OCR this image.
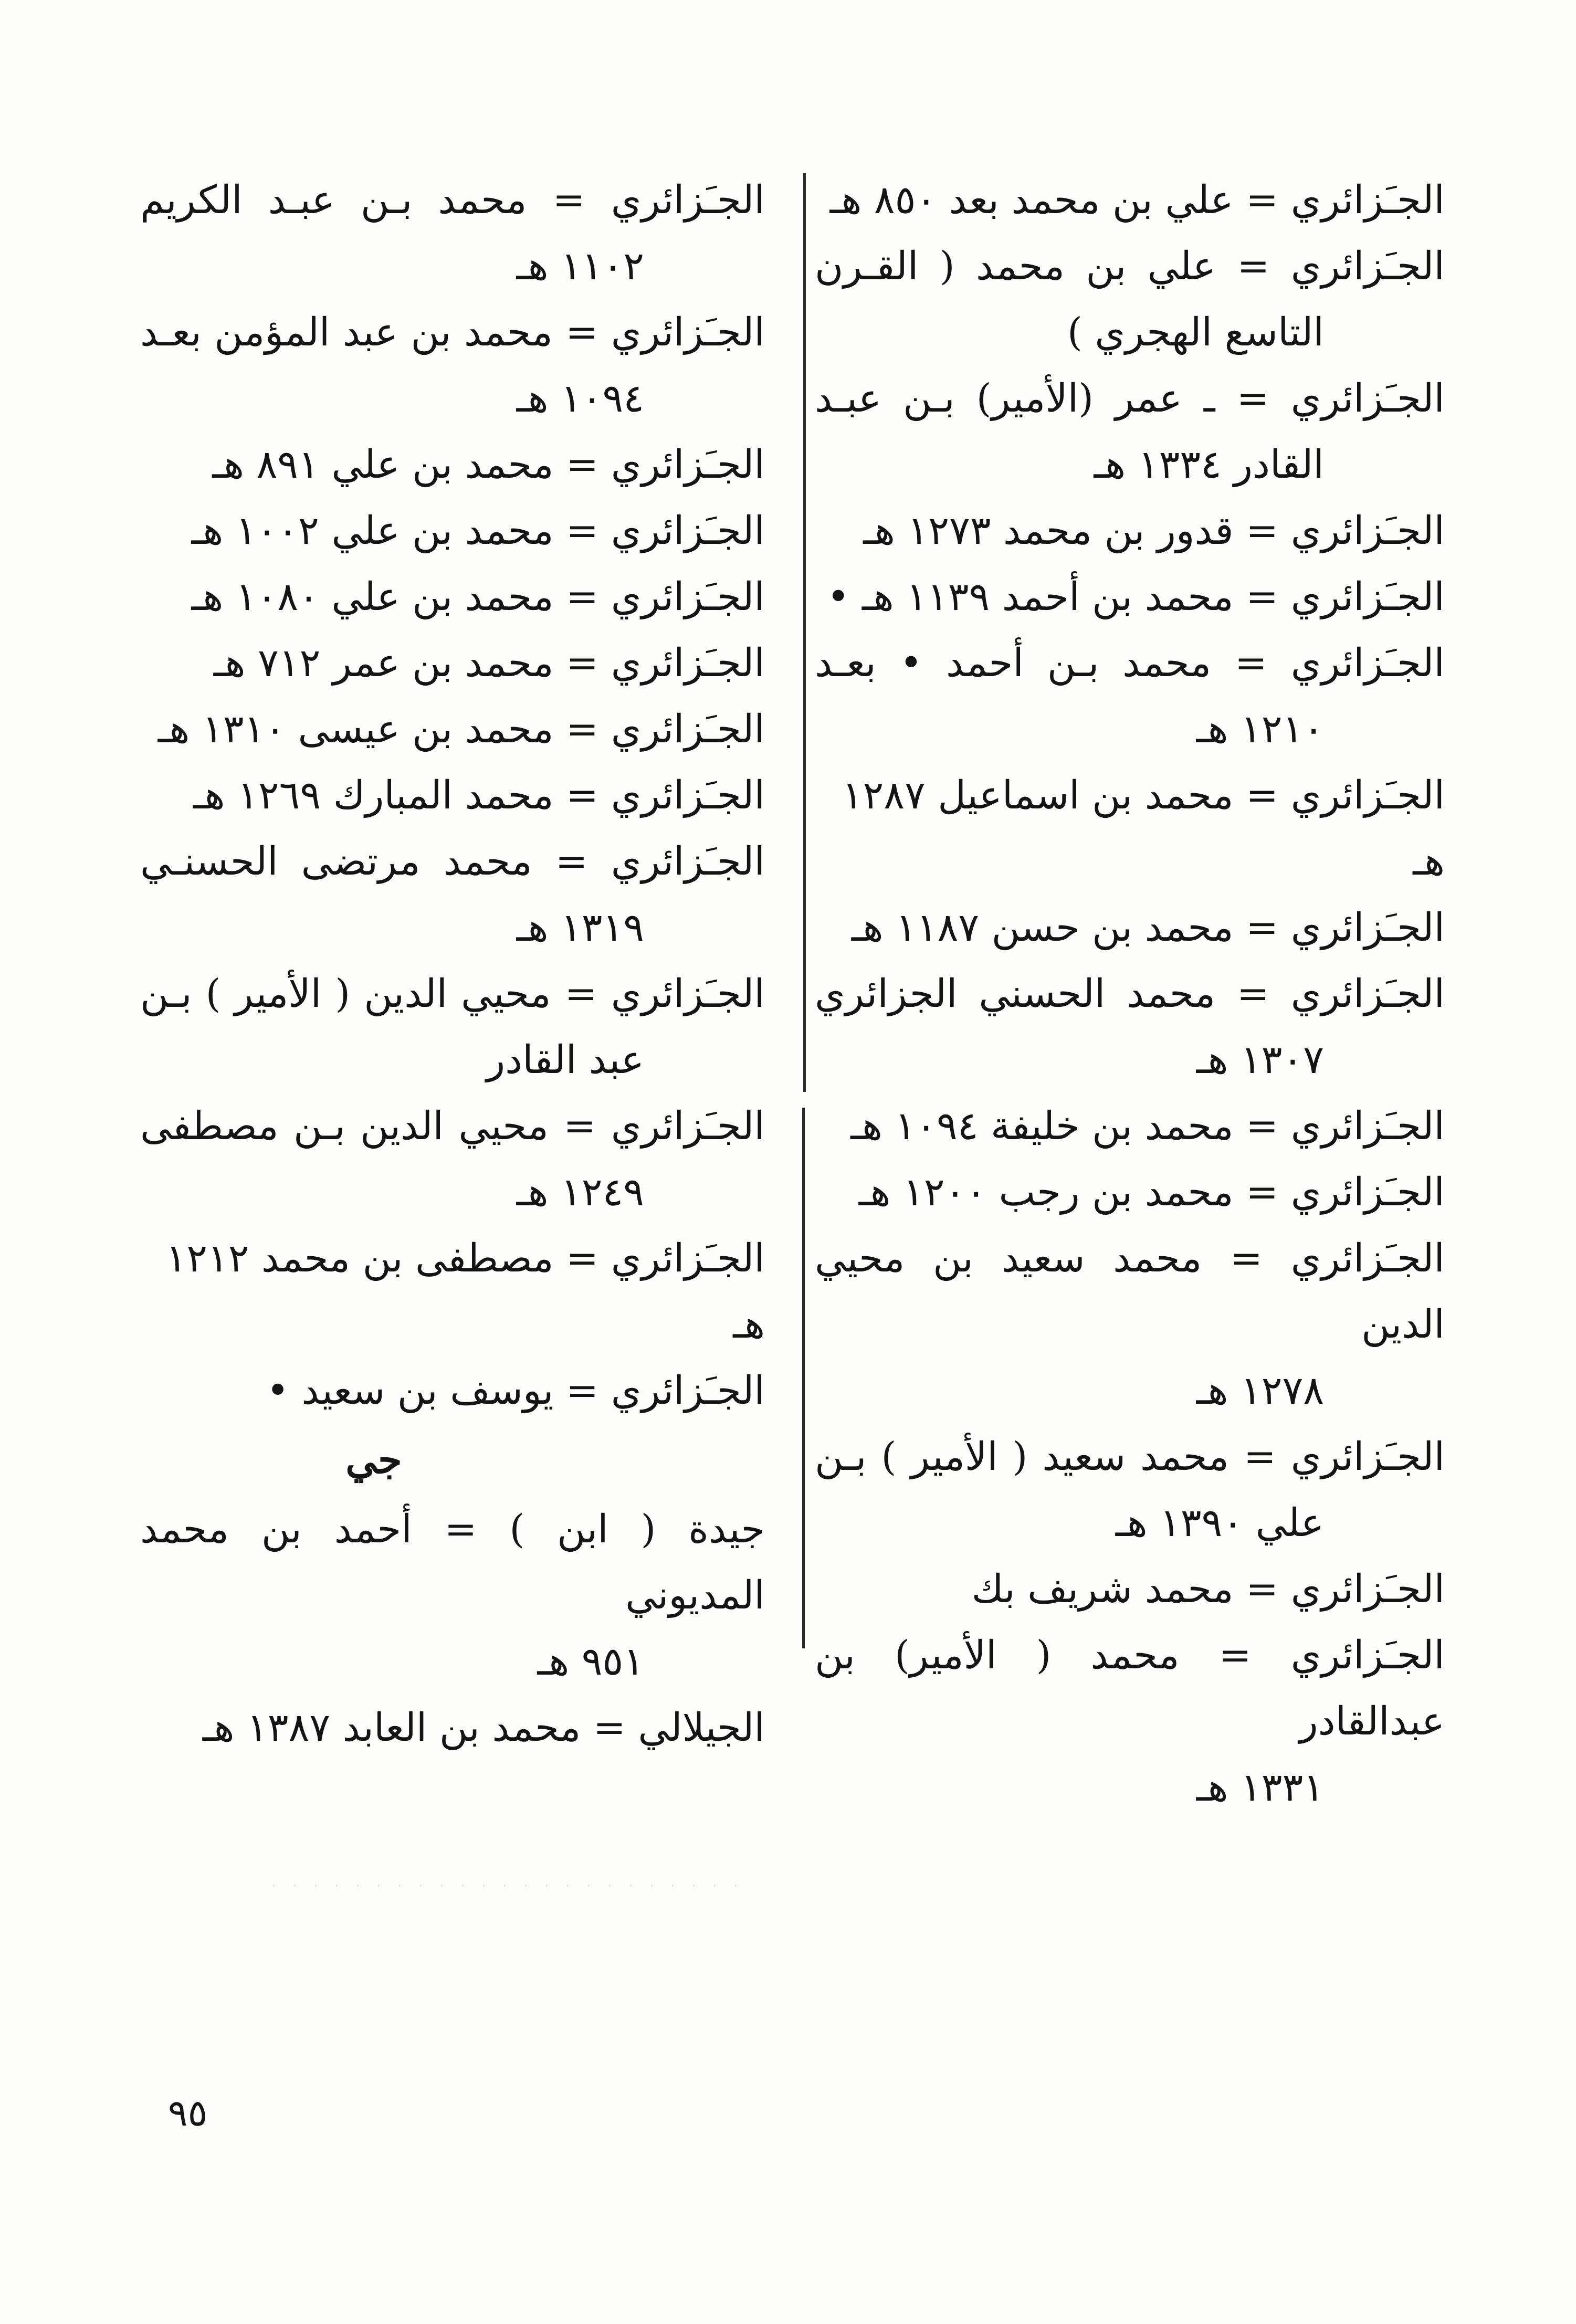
الجـَزائري = علي بن محمد بعد ٨٥٠ هـ
الجـَزائري = علي بن محمد ( القـرن
التاسع الهجري )
الجـَزائري = ـ عمر (الأمير) بـن عبـد
القادر ١٣٣٤ هـ
الجـَزائري = قدور بن محمد ١٢٧٣ هـ
الجـَزائري = محمد بن أحمد ١١٣٩ هـ •
الجـَزائري = محمد بـن أحمد • بعـد
١٢١٠ هـ
الجـَزائري = محمد بن اسماعيل ١٢٨٧ هـ
الجـَزائري = محمد بن حسن ١١٨٧ هـ
الجـَزائري = محمد الحسني الجزائري
١٣٠٧ هـ
الجـَزائري = محمد بن خليفة ١٠٩٤ هـ
الجـَزائري = محمد بن رجب ١٢٠٠ هـ
الجـَزائري = محمد سعيد بن محيي الدين
١٢٧٨ هـ
الجـَزائري = محمد سعيد ( الأمير ) بـن
علي ١٣٩٠ هـ
الجـَزائري = محمد شريف بك
الجـَزائري = محمد ( الأمير) بن عبدالقادر
١٣٣١ هـ
الجـَزائري = محمد بـن عبـد الكريم
١١٠٢ هـ
الجـَزائري = محمد بن عبد المؤمن بعـد
١٠٩٤ هـ
الجـَزائري = محمد بن علي ٨٩١ هـ
الجـَزائري = محمد بن علي ١٠٠٢ هـ
الجـَزائري = محمد بن علي ١٠٨٠ هـ
الجـَزائري = محمد بن عمر ٧١٢ هـ
الجـَزائري = محمد بن عيسى ١٣١٠ هـ
الجـَزائري = محمد المبارك ١٢٦٩ هـ
الجـَزائري = محمد مرتضى الحسنـي
١٣١٩ هـ
الجـَزائري = محيي الدين ( الأمير ) بـن
عبد القادر
الجـَزائري = محيي الدين بـن مصطفى
١٢٤٩ هـ
الجـَزائري = مصطفى بن محمد ١٢١٢ هـ
الجـَزائري = يوسف بن سعيد •
جي
جيدة ( ابن ) = أحمد بن محمد المديوني
٩٥١ هـ
الجيلالي = محمد بن العابد ١٣٨٧ هـ
٩٥
